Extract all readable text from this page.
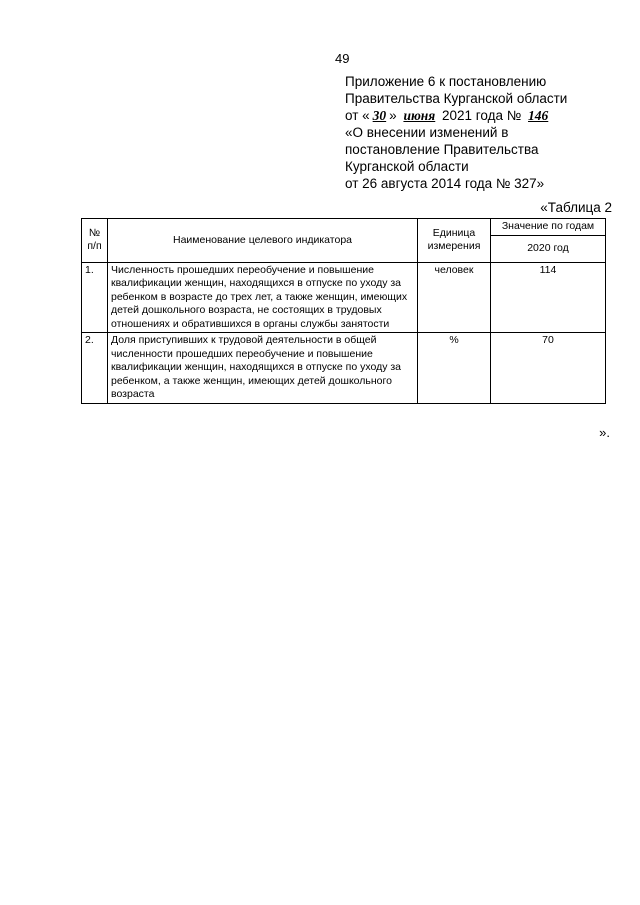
49
Приложение 6 к постановлению
Правительства Курганской области
от « 30 » июня 2021 года № 146
«О внесении изменений в
постановление Правительства
Курганской области
от 26 августа 2014 года № 327»
«Таблица 2
№ п/п	Наименование целевого индикатора	Единица измерения	Значение по годам
			2020 год
1.	Численность прошедших переобучение и повышение квалификации женщин, находящихся в отпуске по уходу за ребенком в возрасте до трех лет, а также женщин, имеющих детей дошкольного возраста, не состоящих в трудовых отношениях и обратившихся в органы службы занятости	человек	114
2.	Доля приступивших к трудовой деятельности в общей численности прошедших переобучение и повышение квалификации женщин, находящихся в отпуске по уходу за ребенком, а также женщин, имеющих детей дошкольного возраста	%	70
».
